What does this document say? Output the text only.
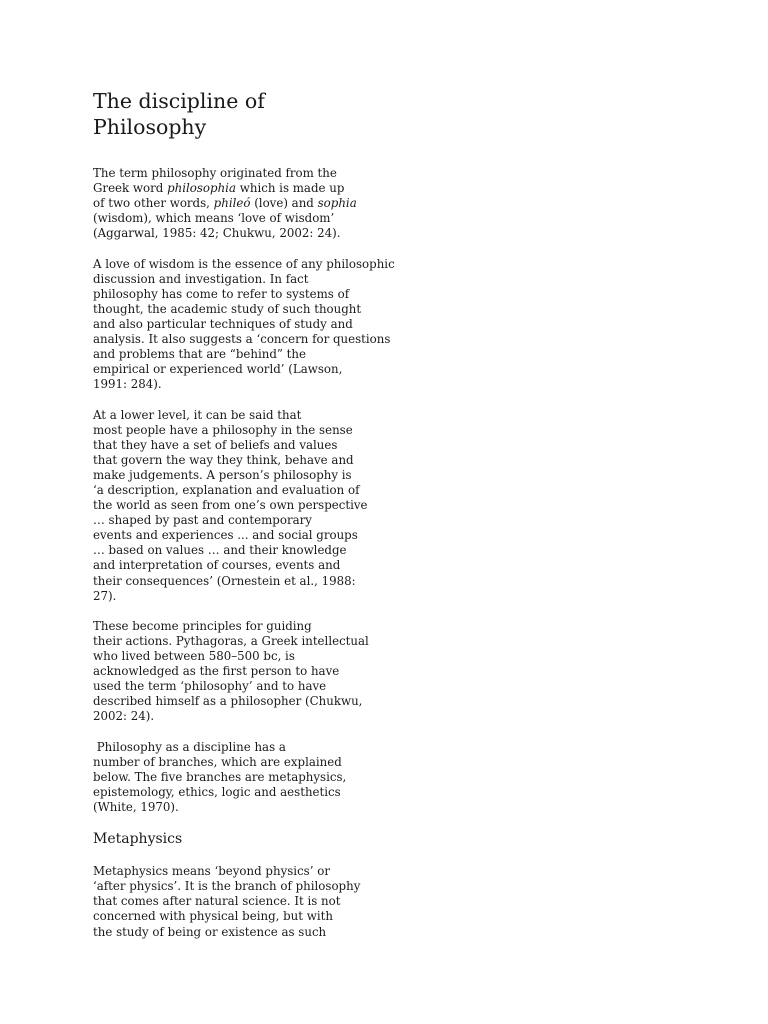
The discipline of
Philosophy
The term philosophy originated from the
Greek word philosophia which is made up
of two other words, phileó (love) and sophia
(wisdom), which means ‘love of wisdom’
(Aggarwal, 1985: 42; Chukwu, 2002: 24).
A love of wisdom is the essence of any philosophic
discussion and investigation. In fact
philosophy has come to refer to systems of
thought, the academic study of such thought
and also particular techniques of study and
analysis. It also suggests a ‘concern for questions
and problems that are “behind” the
empirical or experienced world’ (Lawson,
1991: 284).
At a lower level, it can be said that
most people have a philosophy in the sense
that they have a set of beliefs and values
that govern the way they think, behave and
make judgements. A person’s philosophy is
‘a description, explanation and evaluation of
the world as seen from one’s own perspective
… shaped by past and contemporary
events and experiences ... and social groups
… based on values … and their knowledge
and interpretation of courses, events and
their consequences’ (Ornestein et al., 1988:
27).
These become principles for guiding
their actions. Pythagoras, a Greek intellectual
who lived between 580–500 bc, is
acknowledged as the first person to have
used the term ‘philosophy’ and to have
described himself as a philosopher (Chukwu,
2002: 24).
Philosophy as a discipline has a
number of branches, which are explained
below. The five branches are metaphysics,
epistemology, ethics, logic and aesthetics
(White, 1970).
Metaphysics
Metaphysics means ‘beyond physics’ or
‘after physics’. It is the branch of philosophy
that comes after natural science. It is not
concerned with physical being, but with
the study of being or existence as such
